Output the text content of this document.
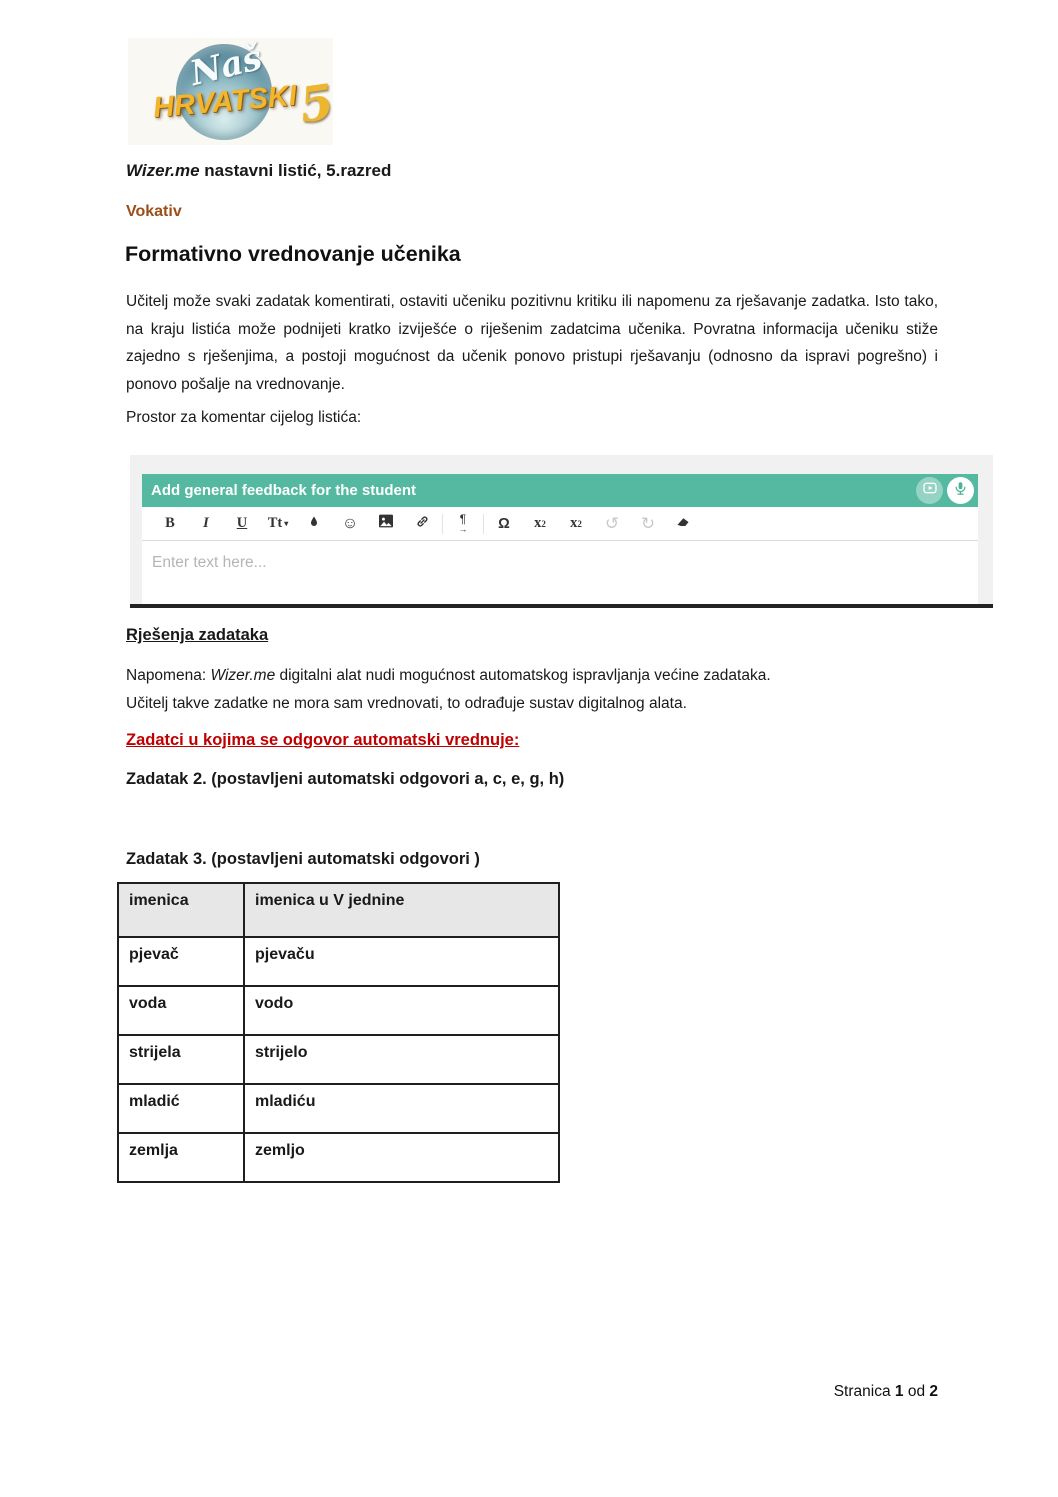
Naš
HRVATSKI
5
Wizer.me nastavni listić, 5.razred
Vokativ
Formativno vrednovanje učenika
Učitelj može svaki zadatak komentirati, ostaviti učeniku pozitivnu kritiku ili napomenu za rješavanje zadatka. Isto tako, na kraju listića može podnijeti kratko izviješće o riješenim zadatcima učenika. Povratna informacija učeniku stiže zajedno s rješenjima, a postoji mogućnost da učenik ponovo pristupi rješavanju (odnosno da ispravi pogrešno) i ponovo pošalje na vrednovanje.
Prostor za komentar cijelog listića:
Add general feedback for the student
B	I	U Tt ▾	☺	¶
→	Ω	x 2 x 2	↺	↻
Enter text here...
Rješenja zadataka
Napomena: Wizer.me digitalni alat nudi mogućnost automatskog ispravljanja većine zadataka.
Učitelj takve zadatke ne mora sam vrednovati, to odrađuje sustav digitalnog alata.
Zadatci u kojima se odgovor automatski vrednuje:
Zadatak 2. (postavljeni automatski odgovori a, c, e, g, h)
Zadatak 3. (postavljeni automatski odgovori )
imenica	imenica u V jednine
pjevač	pjevaču
voda	vodo
strijela	strijelo
mladić	mladiću
zemlja	zemljo
Stranica 1 od 2
